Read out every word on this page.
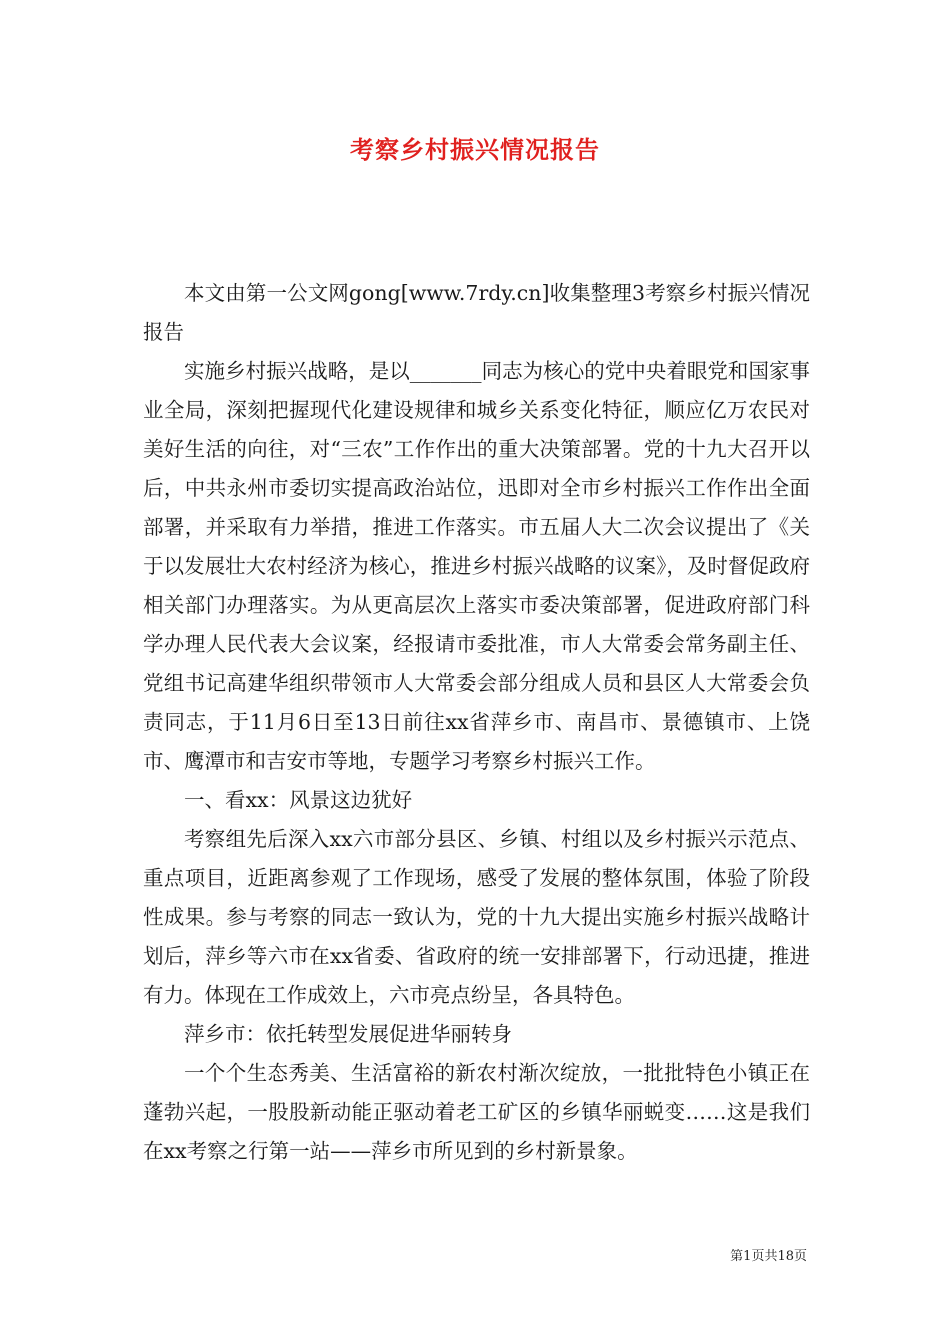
考察乡村振兴情况报告

本文由第一公文网gong[www.7rdy.cn]收集整理3考察乡村振兴情况报告

实施乡村振兴战略，是以_______同志为核心的党中央着眼党和国家事业全局，深刻把握现代化建设规律和城乡关系变化特征，顺应亿万农民对美好生活的向往，对“三农”工作作出的重大决策部署。党的十九大召开以后，中共永州市委切实提高政治站位，迅即对全市乡村振兴工作作出全面部署，并采取有力举措，推进工作落实。市五届人大二次会议提出了《关于以发展壮大农村经济为核心，推进乡村振兴战略的议案》，及时督促政府相关部门办理落实。为从更高层次上落实市委决策部署，促进政府部门科学办理人民代表大会议案，经报请市委批准，市人大常委会常务副主任、党组书记高建华组织带领市人大常委会部分组成人员和县区人大常委会负责同志，于11月6日至13日前往xx省萍乡市、南昌市、景德镇市、上饶市、鹰潭市和吉安市等地，专题学习考察乡村振兴工作。

一、看xx：风景这边犹好

考察组先后深入xx六市部分县区、乡镇、村组以及乡村振兴示范点、重点项目，近距离参观了工作现场，感受了发展的整体氛围，体验了阶段性成果。参与考察的同志一致认为，党的十九大提出实施乡村振兴战略计划后，萍乡等六市在xx省委、省政府的统一安排部署下，行动迅捷，推进有力。体现在工作成效上，六市亮点纷呈，各具特色。

萍乡市：依托转型发展促进华丽转身

一个个生态秀美、生活富裕的新农村渐次绽放，一批批特色小镇正在蓬勃兴起，一股股新动能正驱动着老工矿区的乡镇华丽蜕变……这是我们在xx考察之行第一站——萍乡市所见到的乡村新景象。

第1页共18页
